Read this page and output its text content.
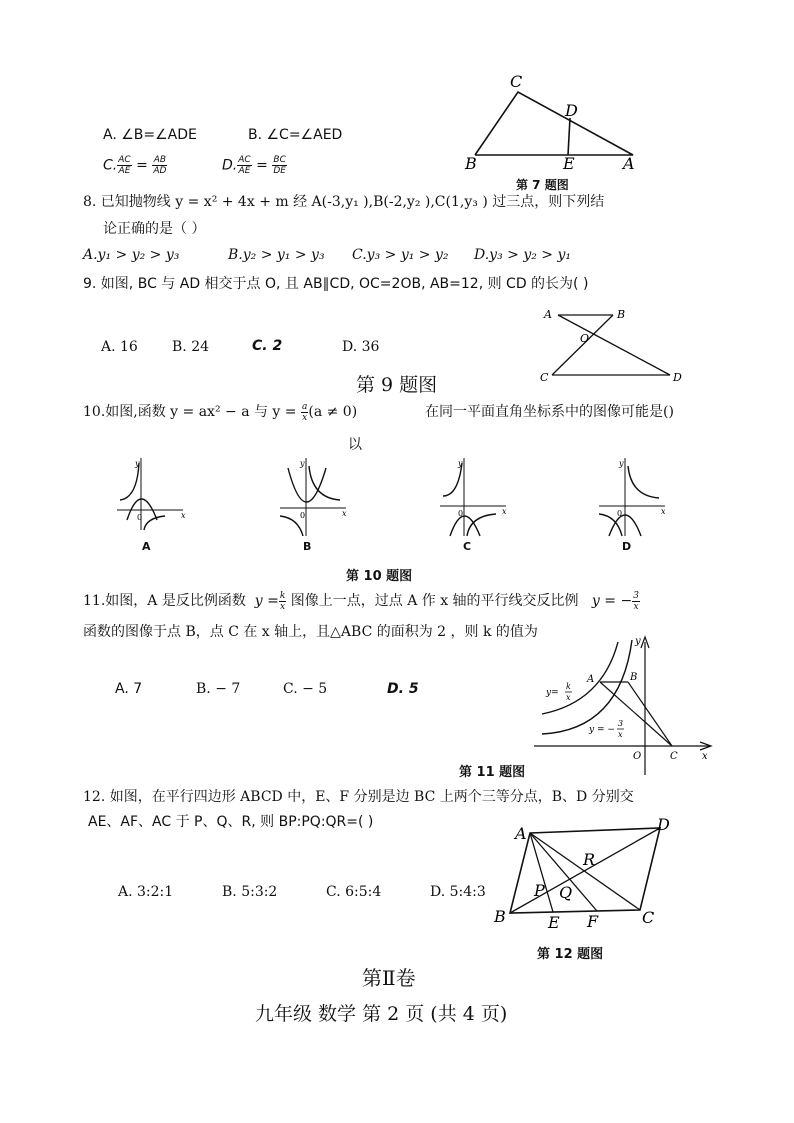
A. ∠B=∠ADE	B. ∠C=∠AED
C. $\frac{AC}{AE} = \frac{AB}{AD}$	D. $\frac{AC}{AE} = \frac{BC}{DE}$
C
D
B	E	A
第 7 题图
8. 已知抛物线 y = x² + 4x + m 经 A(-3,y₁ ),B(-2,y₂ ),C(1,y₃ ) 过三点，则下列结
论正确的是（ ）
A.y₁ > y₂ > y₃	B.y₂ > y₁ > y₃ C.y₃ > y₁ > y₂ D.y₃ > y₂ > y₁
9. 如图, BC 与 AD 相交于点 O, 且 AB∥CD, OC=2OB, AB=12, 则 CD 的长为( )
A. 16 B. 24	C. 2	D. 36
第 9 题图
A	B
O
C	D
10.如图,函数 y = ax² − a 与 $y = \frac{a}{x} (a \ne 0)$	在同一平面直角坐标系中的图像可能是()
以
y
x
0
A
y
x
0
B
y
x
0
C
y
x
0
D
第 10 题图
11.如图，A 是反比例函数 $y = \frac{k}{x}$ 图像上一点，过点 A 作 x 轴的平行线交反比例 y = − $\frac{3}{x}$
函数的图像于点 B，点 C 在 x 轴上，且△ABC 的面积为 2 ，则 k 的值为
A. 7	B. − 7	C. − 5	D. 5
A	B
C
O
y
x
y=
k
x
y = −
3
x
第 11 题图
12. 如图，在平行四边形 ABCD 中，E、F 分别是边 BC 上两个三等分点，B、D 分别交
AE、AF、AC 于 P、Q、R, 则 BP:PQ:QR=( )
A. 3:2:1	B. 5:3:2	C. 6:5:4	D. 5:4:3
A	D
R
P Q
B	E F	C
第 12 题图
第Ⅱ卷
九年级 数学 第 2 页 (共 4 页)
